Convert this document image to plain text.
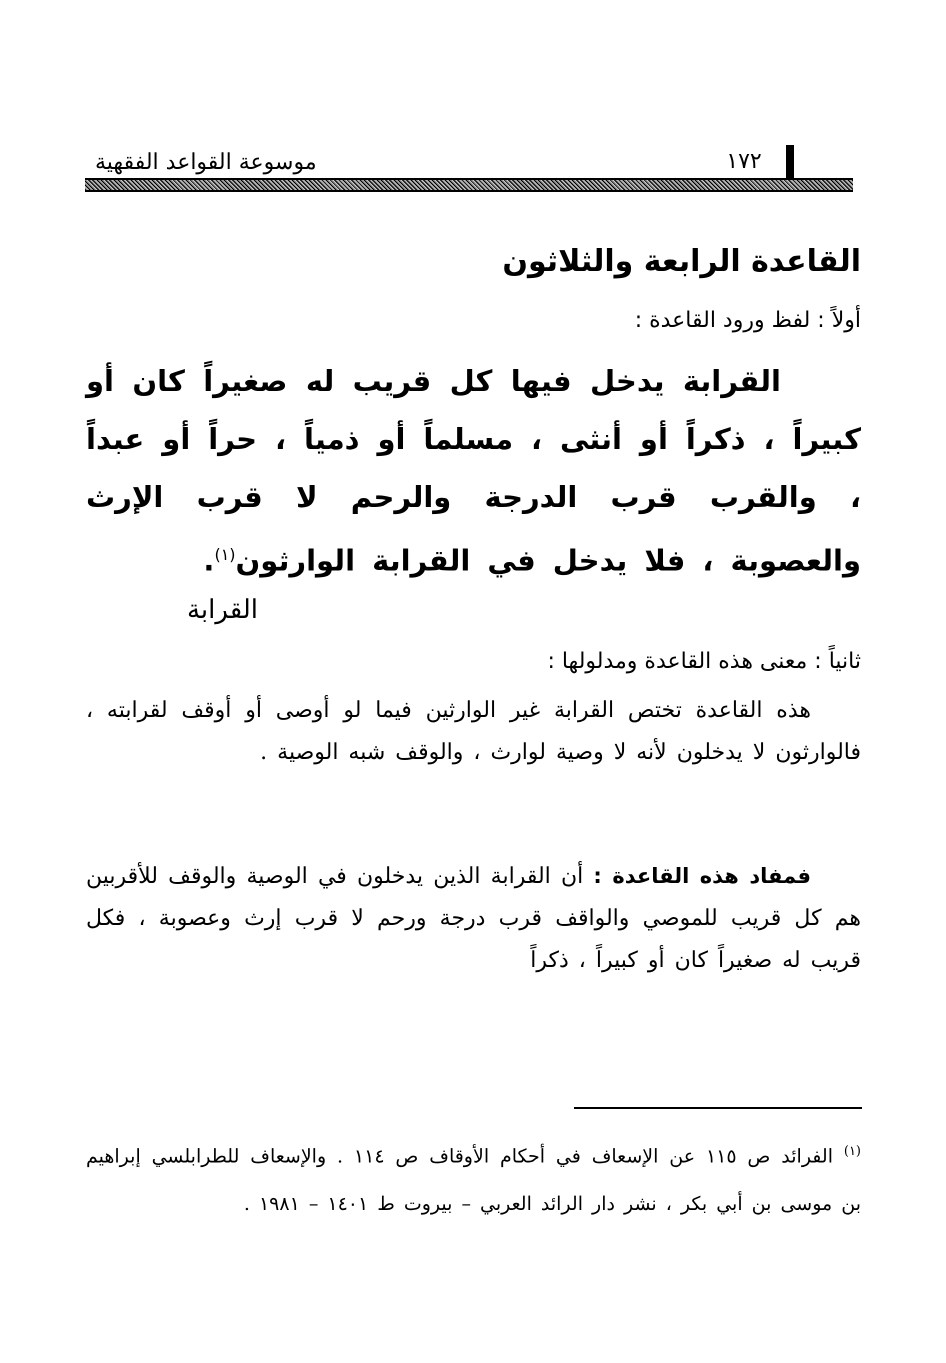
موسوعة القواعد الفقهية	١٧٢
القاعدة الرابعة والثلاثون
أولاً : لفظ ورود القاعدة :
القرابة يدخل فيها كل قريب له صغيراً كان أو كبيراً ، ذكراً أو أنثى ، مسلماً أو ذمياً ، حراً أو عبداً ، والقرب قرب الدرجة والرحم لا قرب الإرث والعصوبة ، فلا يدخل في القرابة الوارثون$^{(١)}$.
القرابة
ثانياً : معنى هذه القاعدة ومدلولها :
هذه القاعدة تختص القرابة غير الوارثين فيما لو أوصى أو أوقف لقرابته ، فالوارثون لا يدخلون لأنه لا وصية لوارث ، والوقف شبه الوصية .
فمفاد هذه القاعدة : أن القرابة الذين يدخلون في الوصية والوقف للأقربين هم كل قريب للموصي والواقف قرب درجة ورحم لا قرب إرث وعصوبة ، فكل قريب له صغيراً كان أو كبيراً ، ذكراً
$^{(١)}$ الفرائد ص ١١٥ عن الإسعاف في أحكام الأوقاف ص ١١٤ . والإسعاف للطرابلسي إبراهيم بن موسى بن أبي بكر ، نشر دار الرائد العربي – بيروت ط ١٤٠١ – ١٩٨١ .
